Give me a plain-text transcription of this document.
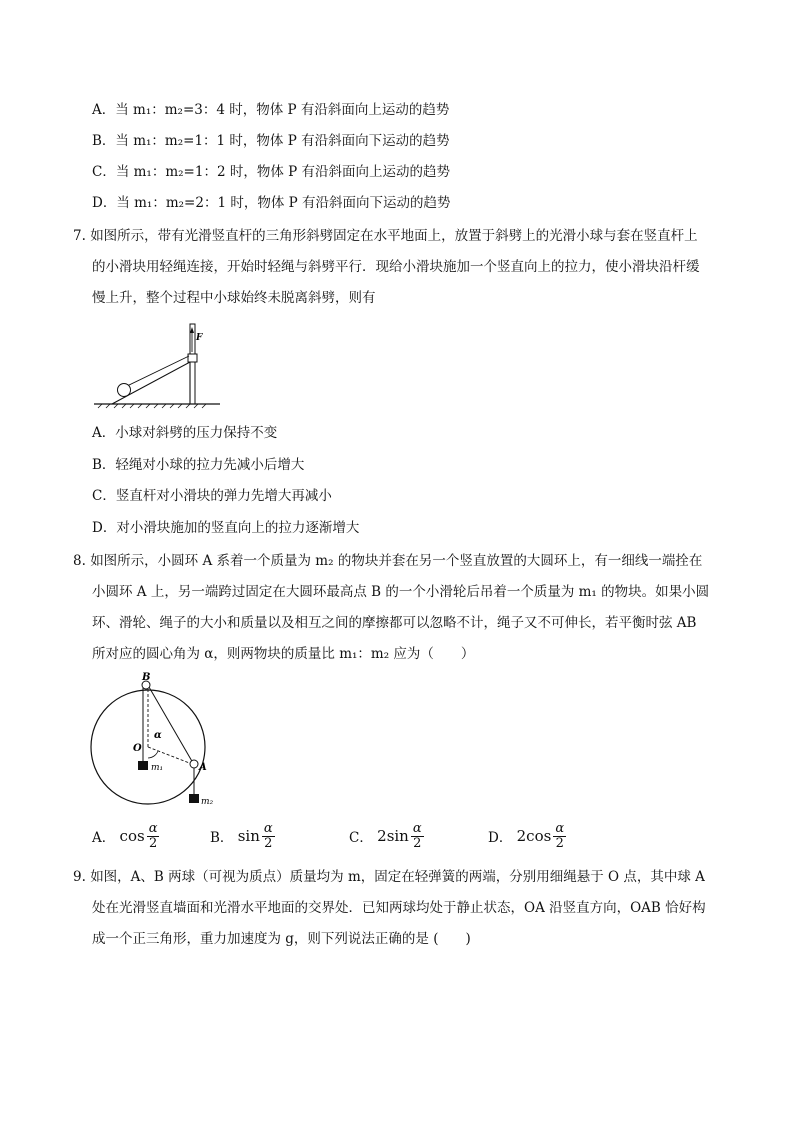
A．当 m₁：m₂=3：4 时，物体 P 有沿斜面向上运动的趋势
B．当 m₁：m₂=1：1 时，物体 P 有沿斜面向下运动的趋势
C．当 m₁：m₂=1：2 时，物体 P 有沿斜面向上运动的趋势
D．当 m₁：m₂=2：1 时，物体 P 有沿斜面向下运动的趋势
7. 如图所示，带有光滑竖直杆的三角形斜劈固定在水平地面上，放置于斜劈上的光滑小球与套在竖直杆上
的小滑块用轻绳连接，开始时轻绳与斜劈平行．现给小滑块施加一个竖直向上的拉力，使小滑块沿杆缓
慢上升，整个过程中小球始终未脱离斜劈，则有
F
A．小球对斜劈的压力保持不变
B．轻绳对小球的拉力先减小后增大
C．竖直杆对小滑块的弹力先增大再减小
D．对小滑块施加的竖直向上的拉力逐渐增大
8. 如图所示，小圆环 A 系着一个质量为 m₂ 的物块并套在另一个竖直放置的大圆环上，有一细线一端拴在
小圆环 A 上，另一端跨过固定在大圆环最高点 B 的一个小滑轮后吊着一个质量为 m₁ 的物块。如果小圆
环、滑轮、绳子的大小和质量以及相互之间的摩擦都可以忽略不计，绳子又不可伸长，若平衡时弦 AB
所对应的圆心角为 α，则两物块的质量比 m₁：m₂ 应为（　　）
B
O
α
A
m₁
m₂
A．
$\cos \frac{\alpha}{2}$	B．
$\sin \frac{\alpha}{2}$	C．
2 $\sin \frac{\alpha}{2}$	D．
2 $\cos \frac{\alpha}{2}$
9. 如图，A、B 两球（可视为质点）质量均为 m，固定在轻弹簧的两端，分别用细绳悬于 O 点，其中球 A
处在光滑竖直墙面和光滑水平地面的交界处．已知两球均处于静止状态，OA 沿竖直方向，OAB 恰好构
成一个正三角形，重力加速度为 g，则下列说法正确的是 (　　)
